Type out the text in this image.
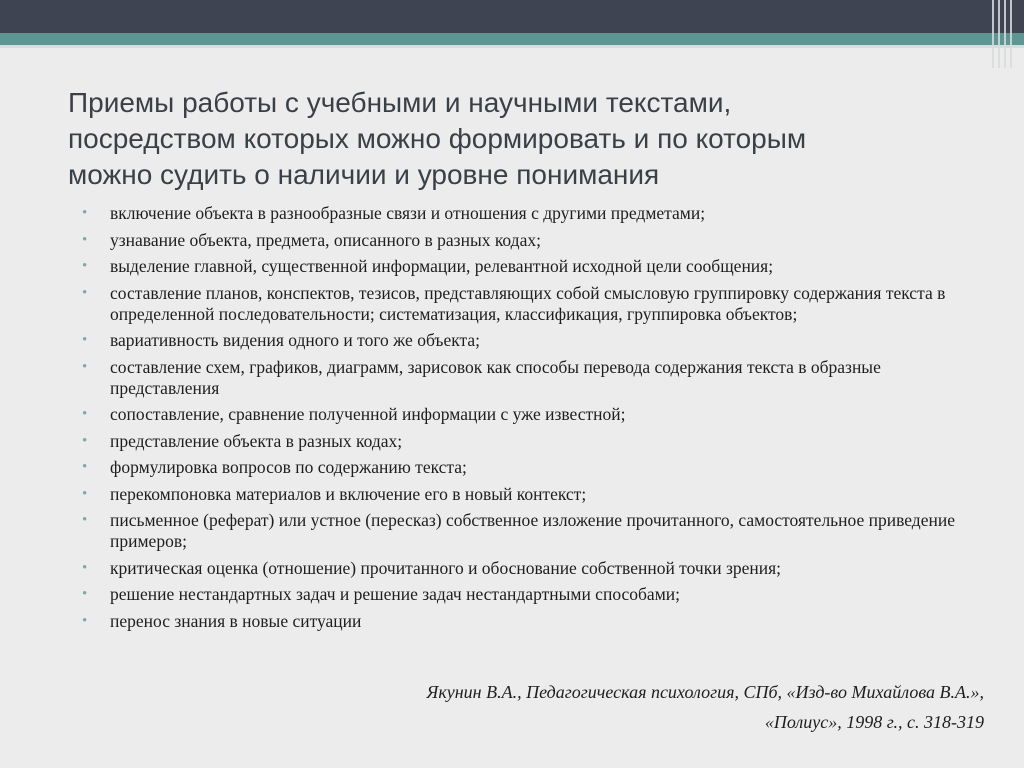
Приемы работы с учебными и научными текстами,
посредством которых можно формировать и по которым
можно судить о наличии и уровне понимания
• включение объекта в разнообразные связи и отношения с другими предметами;
• узнавание объекта, предмета, описанного в разных кодах;
• выделение главной, существенной информации, релевантной исходной цели сообщения;
• составление планов, конспектов, тезисов, представляющих собой смысловую группировку содержания текста в определенной последовательности; систематизация, классификация, группировка объектов;
• вариативность видения одного и того же объекта;
• составление схем, графиков, диаграмм, зарисовок как способы перевода содержания текста в образные представления
• сопоставление, сравнение полученной информации с уже известной;
• представление объекта в разных кодах;
• формулировка вопросов по содержанию текста;
• перекомпоновка материалов и включение его в новый контекст;
• письменное (реферат) или устное (пересказ) собственное изложение прочитанного, самостоятельное приведение примеров;
• критическая оценка (отношение) прочитанного и обоснование собственной точки зрения;
• решение нестандартных задач и решение задач нестандартными способами;
• перенос знания в новые ситуации
Якунин В.А., Педагогическая психология, СПб, «Изд-во Михайлова В.А.»,
«Полиус», 1998 г., с. 318-319
